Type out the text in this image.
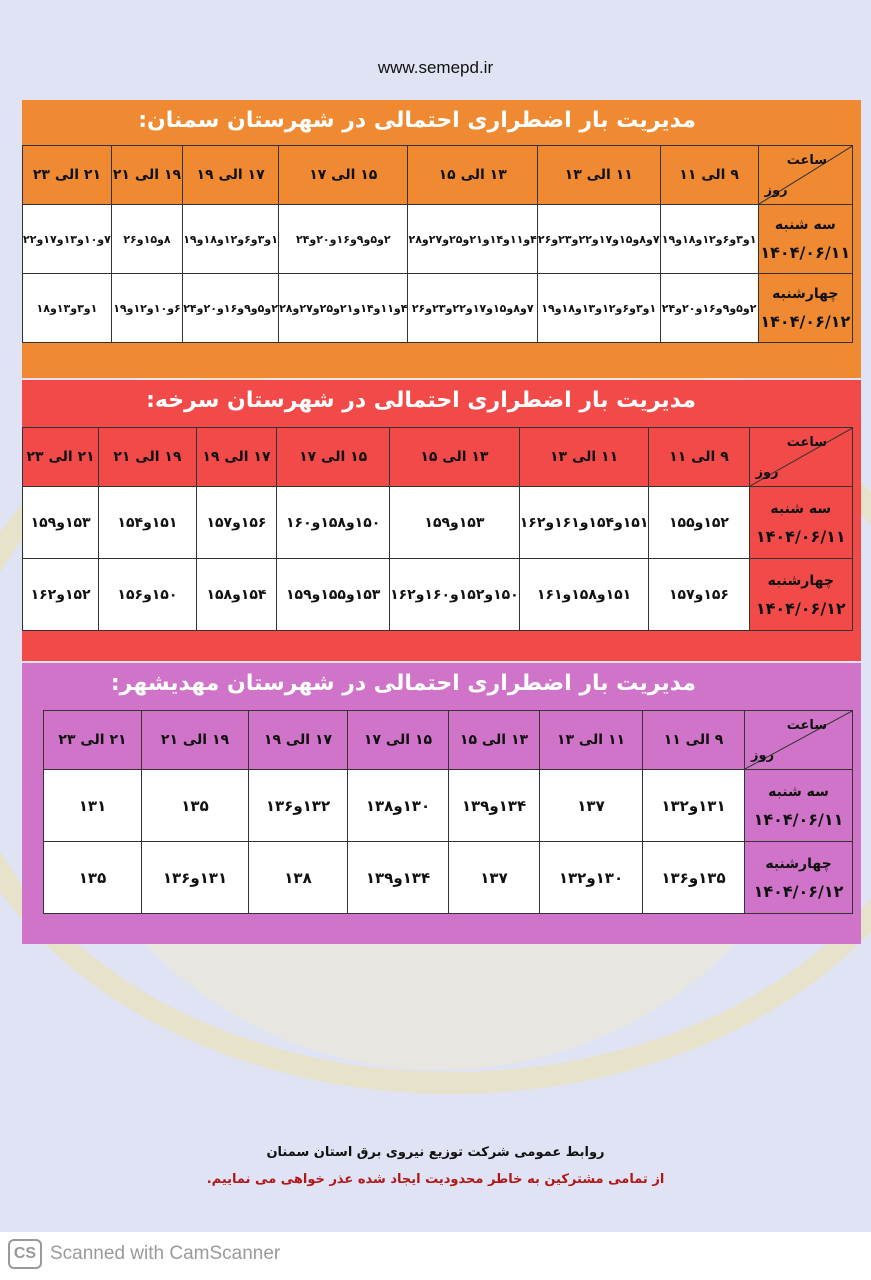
www.semepd.ir
مدیریت بار اضطراری احتمالی در شهرستان سمنان:
ساعت
روز	۹ الی ۱۱	۱۱ الی ۱۳	۱۳ الی ۱۵	۱۵ الی ۱۷	۱۷ الی ۱۹	۱۹ الی ۲۱	۲۱ الی ۲۳

سه شنبه
۱۴۰۴/۰۶/۱۱	۱و۳و۶و۱۲و۱۸و۱۹	۷و۸و۱۵و۱۷و۲۲و۲۳و۲۶	۴و۱۱و۱۴و۲۱و۲۵و۲۷و۲۸	۲و۵و۹و۱۶و۲۰و۲۴	۱و۳و۶و۱۲و۱۸و۱۹	۸و۱۵و۲۶	۷و۱۰و۱۳و۱۷و۲۲

چهارشنبه
۱۴۰۴/۰۶/۱۲	۲و۵و۹و۱۶و۲۰و۲۴	۱و۳و۶و۱۲و۱۳و۱۸و۱۹	۷و۸و۱۵و۱۷و۲۲و۲۳و۲۶	۴و۱۱و۱۴و۲۱و۲۵و۲۷و۲۸	۲و۵و۹و۱۶و۲۰و۲۴	۶و۱۰و۱۲و۱۹	۱و۳و۱۳و۱۸
مدیریت بار اضطراری احتمالی در شهرستان سرخه:
ساعت
روز	۹ الی ۱۱	۱۱ الی ۱۳	۱۳ الی ۱۵	۱۵ الی ۱۷	۱۷ الی ۱۹	۱۹ الی ۲۱	۲۱ الی ۲۳

سه شنبه
۱۴۰۴/۰۶/۱۱	۱۵۲و۱۵۵	۱۵۱و۱۵۴و۱۶۱و۱۶۲	۱۵۳و۱۵۹	۱۵۰و۱۵۸و۱۶۰	۱۵۶و۱۵۷	۱۵۱و۱۵۴	۱۵۳و۱۵۹

چهارشنبه
۱۴۰۴/۰۶/۱۲	۱۵۶و۱۵۷	۱۵۱و۱۵۸و۱۶۱	۱۵۰و۱۵۲و۱۶۰و۱۶۲	۱۵۳و۱۵۵و۱۵۹	۱۵۴و۱۵۸	۱۵۰و۱۵۶	۱۵۲و۱۶۲
مدیریت بار اضطراری احتمالی در شهرستان مهدیشهر:
ساعت
روز	۹ الی ۱۱	۱۱ الی ۱۳	۱۳ الی ۱۵	۱۵ الی ۱۷	۱۷ الی ۱۹	۱۹ الی ۲۱	۲۱ الی ۲۳

سه شنبه
۱۴۰۴/۰۶/۱۱	۱۳۱و۱۳۲	۱۳۷	۱۳۴و۱۳۹	۱۳۰و۱۳۸	۱۳۲و۱۳۶	۱۳۵	۱۳۱

چهارشنبه
۱۴۰۴/۰۶/۱۲	۱۳۵و۱۳۶	۱۳۰و۱۳۲	۱۳۷	۱۳۴و۱۳۹	۱۳۸	۱۳۱و۱۳۶	۱۳۵
روابط عمومی شرکت توزیع نیروی برق استان سمنان
از تمامی مشترکین به خاطر محدودیت ایجاد شده عذر خواهی می نماییم.
CS Scanned with CamScanner
